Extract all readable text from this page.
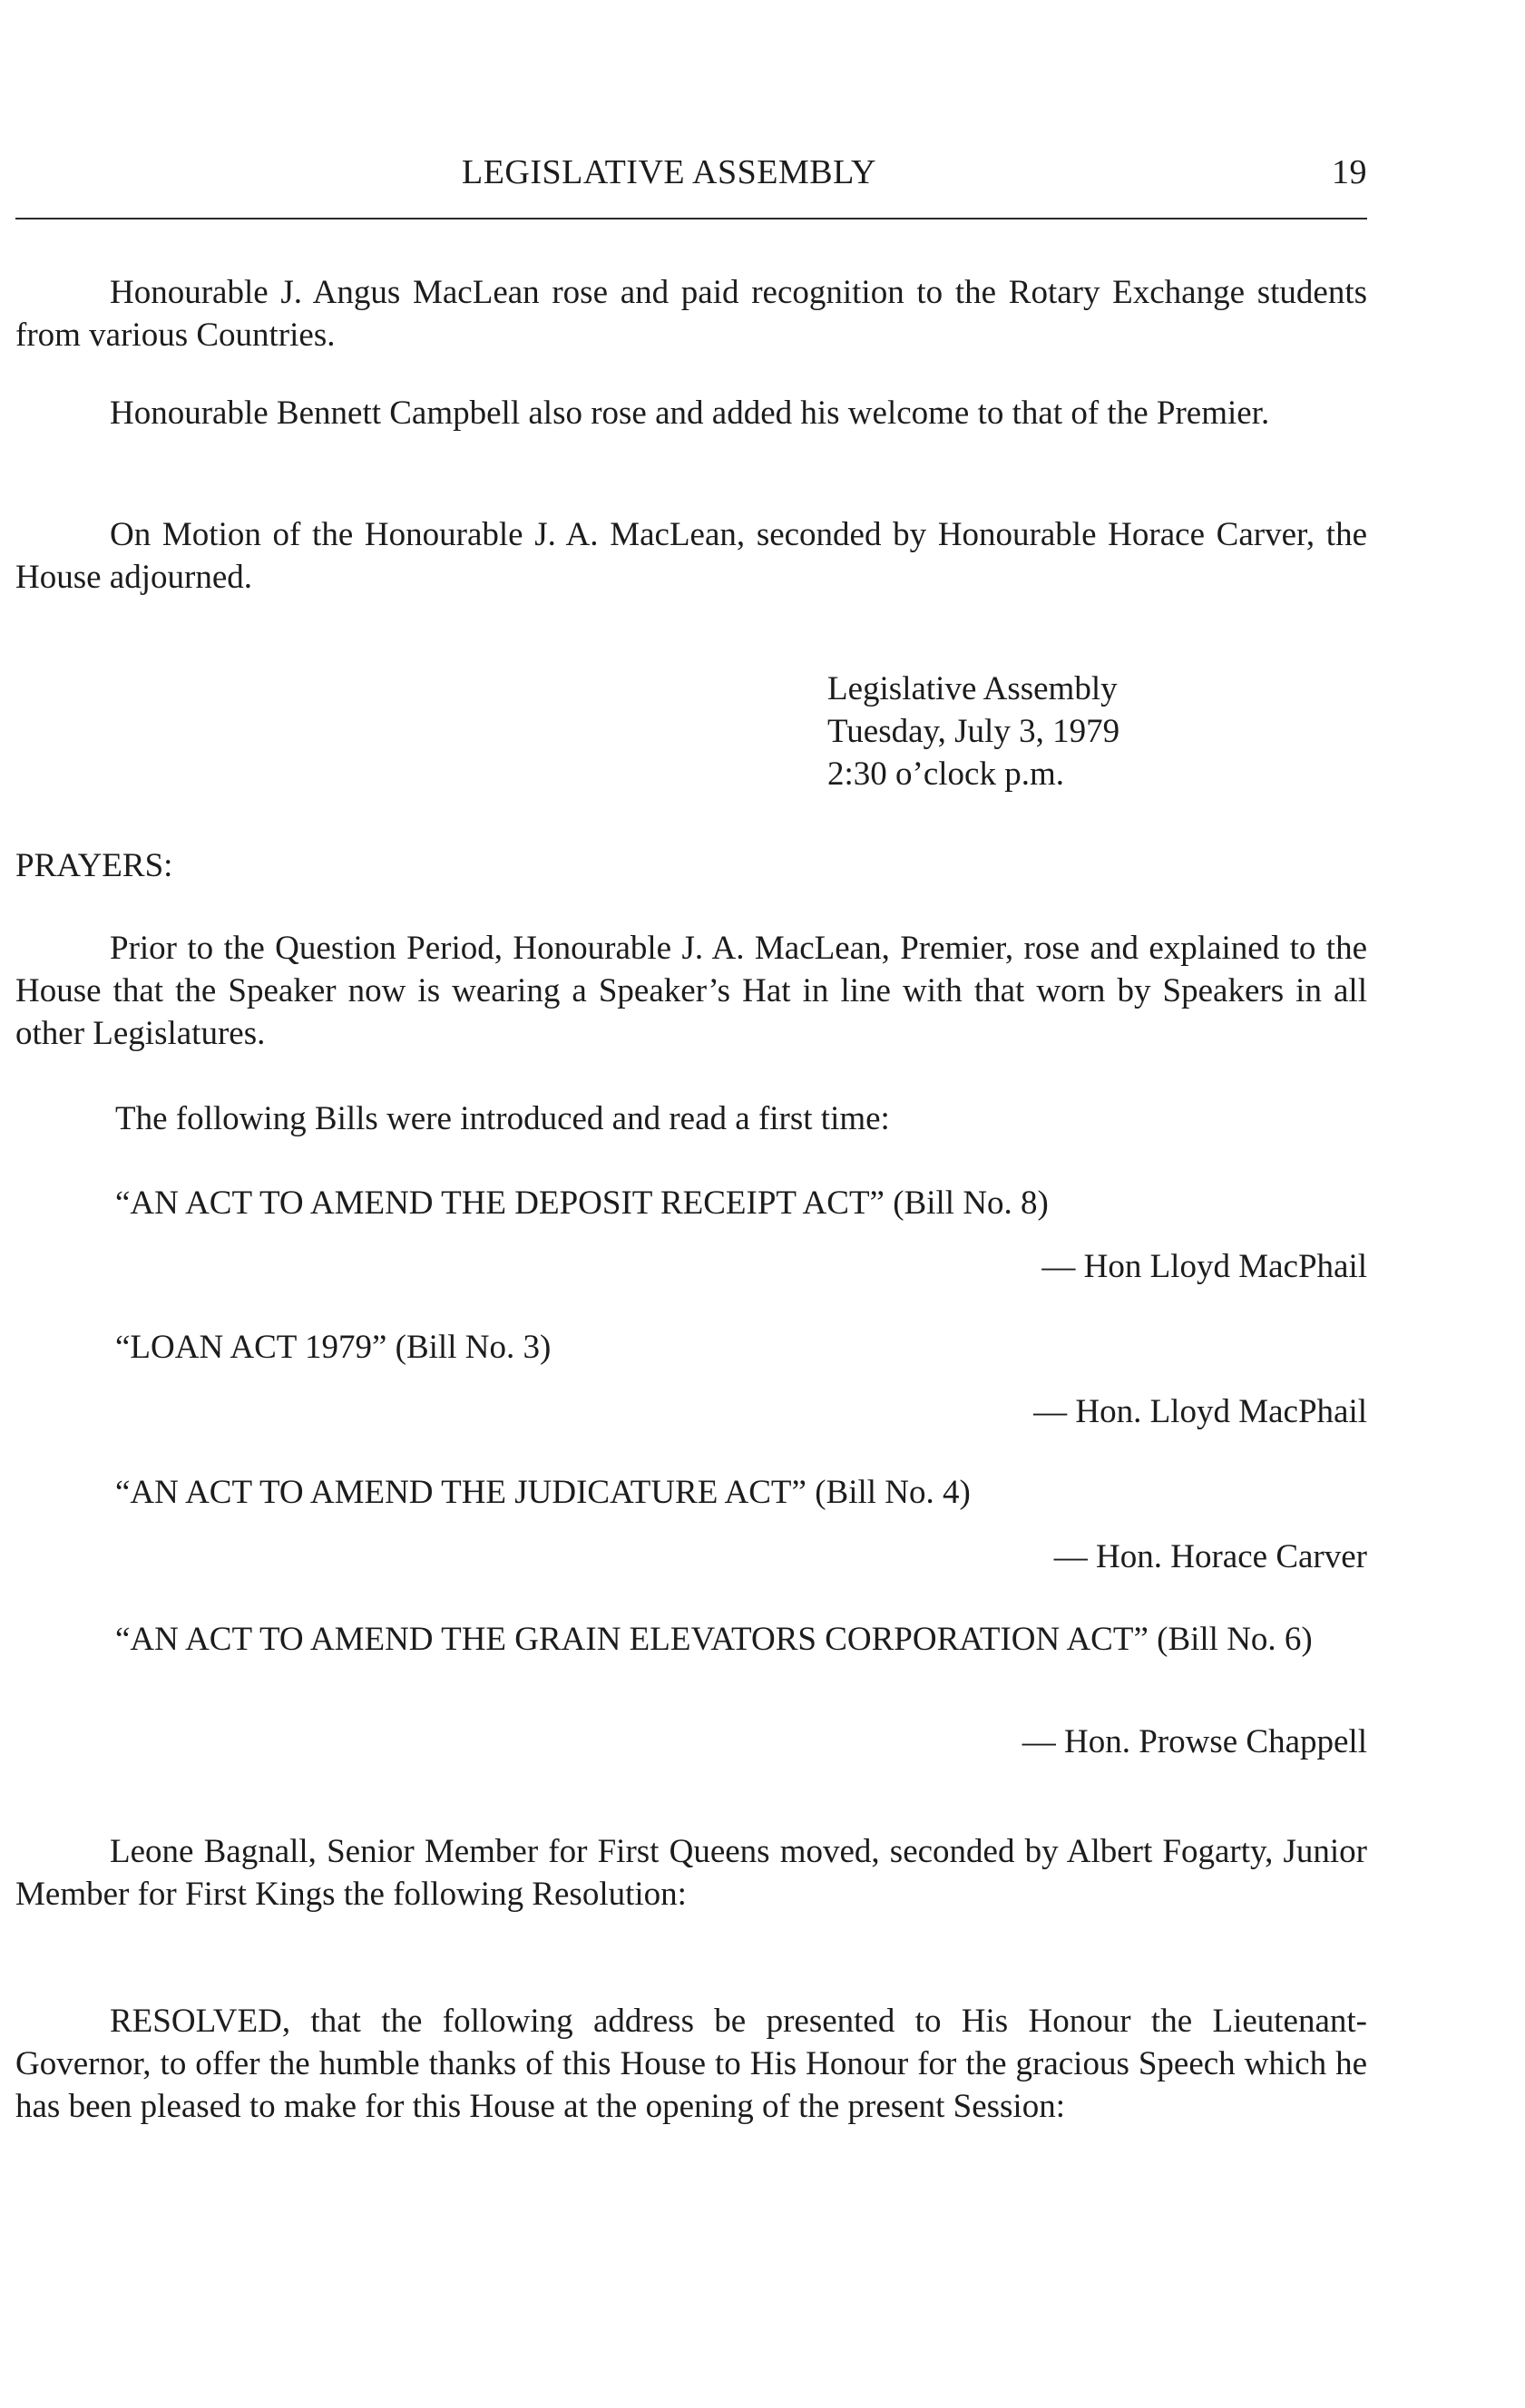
LEGISLATIVE ASSEMBLY	19
Honourable J. Angus MacLean rose and paid recognition to the Rotary Exchange students from various Countries.
Honourable Bennett Campbell also rose and added his welcome to that of the Premier.
On Motion of the Honourable J. A. MacLean, seconded by Honourable Horace Carver, the House adjourned.
Legislative Assembly
Tuesday, July 3, 1979
2:30 o’clock p.m.
PRAYERS:
Prior to the Question Period, Honourable J. A. MacLean, Premier, rose and explained to the House that the Speaker now is wearing a Speaker’s Hat in line with that worn by Speakers in all other Legislatures.
The following Bills were introduced and read a first time:
“AN ACT TO AMEND THE DEPOSIT RECEIPT ACT” (Bill No. 8)
— Hon Lloyd MacPhail
“LOAN ACT 1979” (Bill No. 3)
— Hon. Lloyd MacPhail
“AN ACT TO AMEND THE JUDICATURE ACT” (Bill No. 4)
— Hon. Horace Carver
“AN ACT TO AMEND THE GRAIN ELEVATORS CORPORATION ACT” (Bill No. 6)
— Hon. Prowse Chappell
Leone Bagnall, Senior Member for First Queens moved, seconded by Albert Fogarty, Junior Member for First Kings the following Resolution:
RESOLVED, that the following address be presented to His Honour the Lieutenant-Governor, to offer the humble thanks of this House to His Honour for the gracious Speech which he has been pleased to make for this House at the opening of the present Session:
